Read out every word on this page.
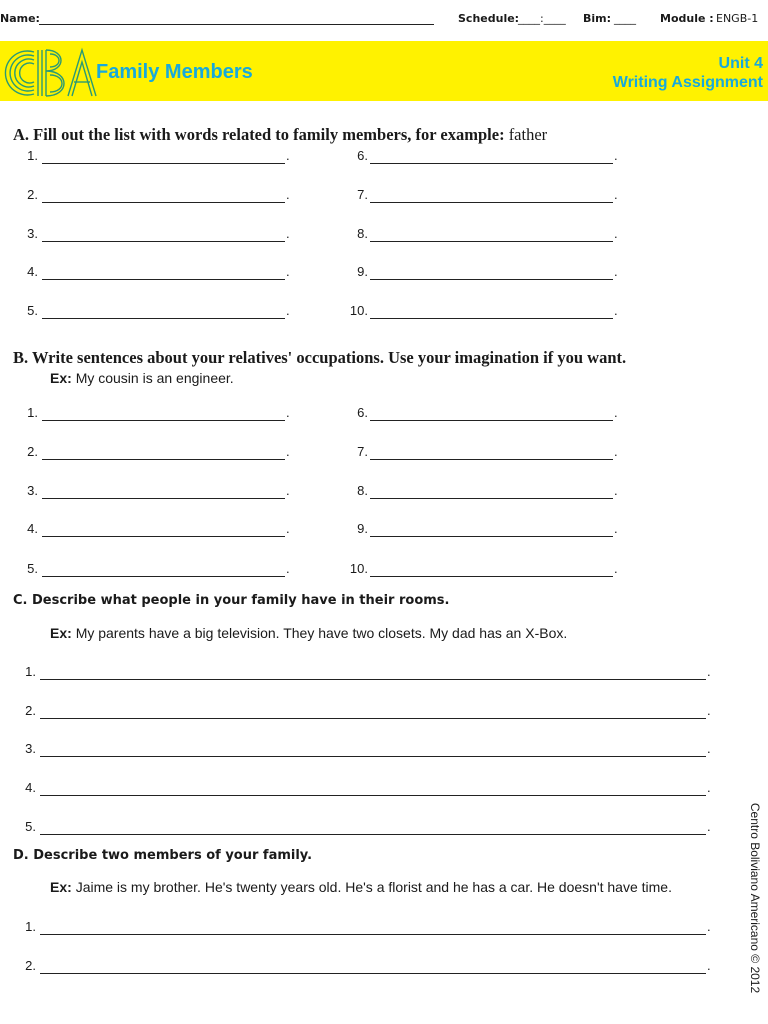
Name:	Schedule:
____:____ Bim: ____ Module : ENGB-1
Family Members	Unit 4
Writing Assignment
A. Fill out the list with words related to family members, for example: father
1.	.
2.	.
3.	.
4.	.
5.	.
6.	.
7.	.
8.	.
9.	.
10.	.
B. Write sentences about your relatives' occupations. Use your imagination if you want.
Ex: My cousin is an engineer.
1.	.
2.	.
3.	.
4.	.
5.	.
6.	.
7.	.
8.	.
9.	.
10.	.
C. Describe what people in your family have in their rooms.
Ex: My parents have a big television. They have two closets. My dad has an X-Box.
1.	.
2.	.
3.	.
4.	.
5.	.
D. Describe two members of your family.
Ex: Jaime is my brother. He's twenty years old. He's a florist and he has a car. He doesn't have time.
1.	.
2.	.	Centro Boliviano Americano © 2012
